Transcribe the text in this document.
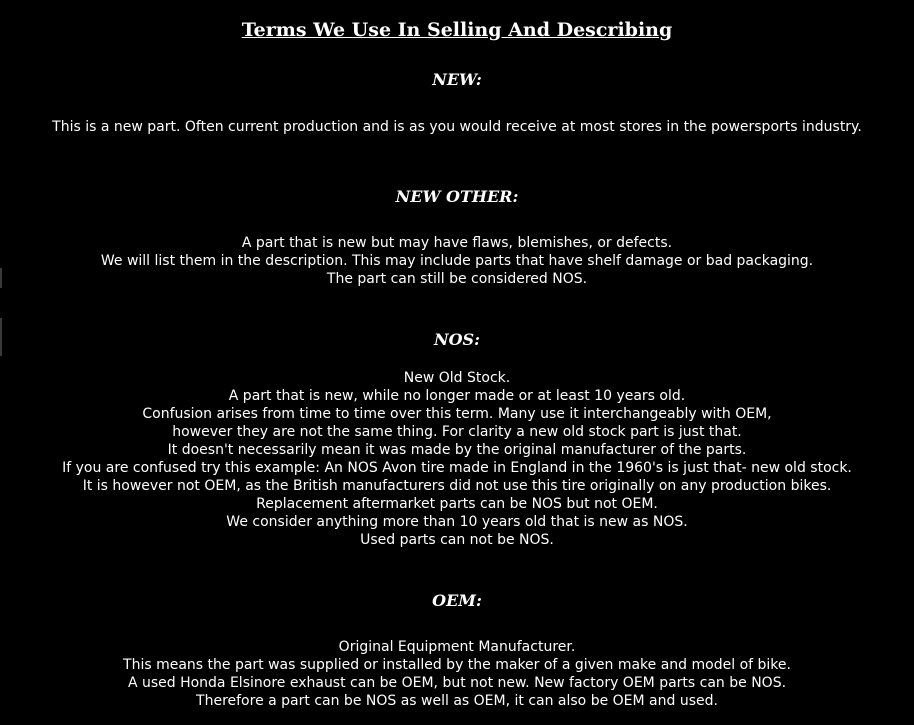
Terms We Use In Selling And Describing
NEW:
This is a new part. Often current production and is as you would receive at most stores in the powersports industry.
NEW OTHER:
A part that is new but may have flaws, blemishes, or defects.
We will list them in the description. This may include parts that have shelf damage or bad packaging.
The part can still be considered NOS.
NOS:
New Old Stock.
A part that is new, while no longer made or at least 10 years old.
Confusion arises from time to time over this term. Many use it interchangeably with OEM,
however they are not the same thing. For clarity a new old stock part is just that.
It doesn't necessarily mean it was made by the original manufacturer of the parts.
If you are confused try this example: An NOS Avon tire made in England in the 1960's is just that- new old stock.
It is however not OEM, as the British manufacturers did not use this tire originally on any production bikes.
Replacement aftermarket parts can be NOS but not OEM.
We consider anything more than 10 years old that is new as NOS.
Used parts can not be NOS.
OEM:
Original Equipment Manufacturer.
This means the part was supplied or installed by the maker of a given make and model of bike.
A used Honda Elsinore exhaust can be OEM, but not new. New factory OEM parts can be NOS.
Therefore a part can be NOS as well as OEM, it can also be OEM and used.
